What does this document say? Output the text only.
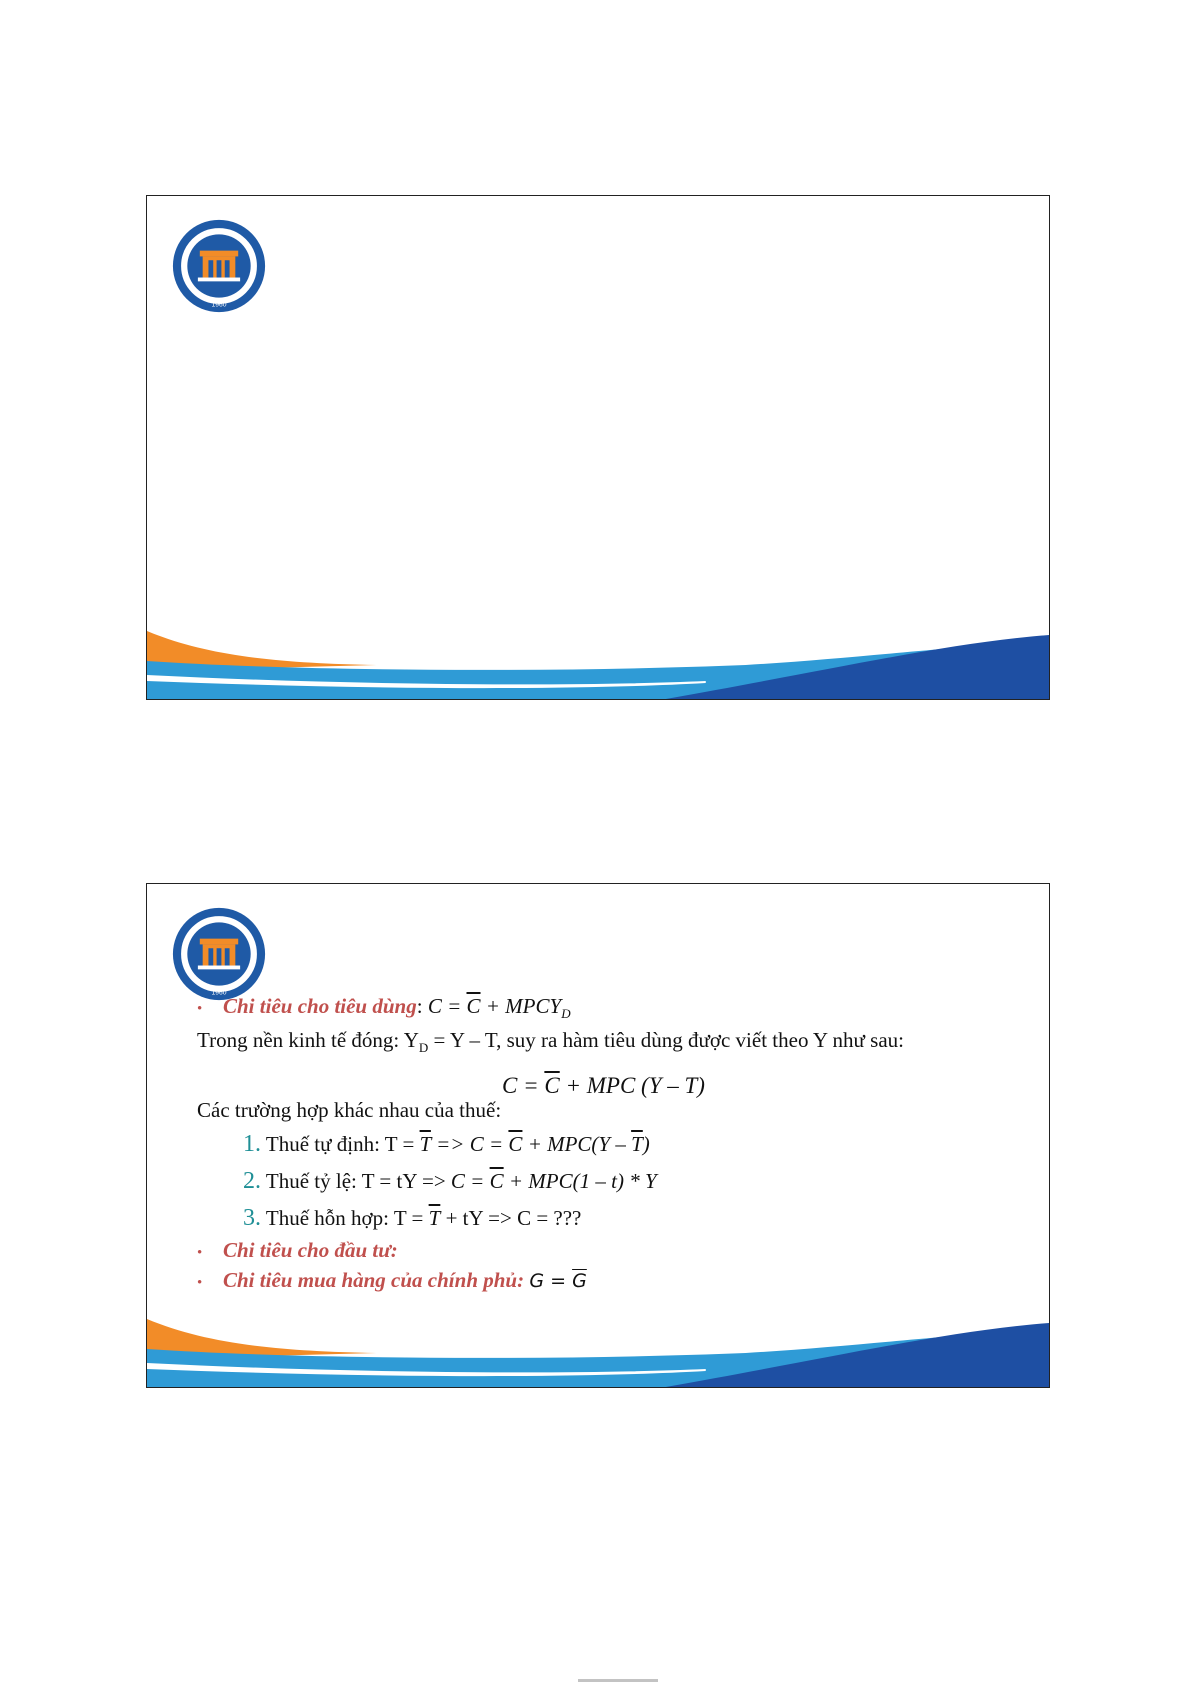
1960
1960
• Chi tiêu cho tiêu dùng: $C = \overline{C}$ + $MPCY_D$
Trong nền kinh tế đóng: $Y_D = Y - T$, suy ra hàm tiêu dùng được viết theo Y như sau:
$C = \overline{C}$ + MPC (Y – T)
Các trường hợp khác nhau của thuế:
1. Thuế tự định: $T = \overline{T} => C = \overline{C} + MPC(Y - \overline{T})$
2. Thuế tỷ lệ: T = tY => $C = \overline{C} + MPC(1 - t) * Y$
3. Thuế hỗn hợp: $T = \overline{T}$ + tY => C = ???
• Chi tiêu cho đầu tư:
• Chi tiêu mua hàng của chính phủ: $G = \overline{G}$
